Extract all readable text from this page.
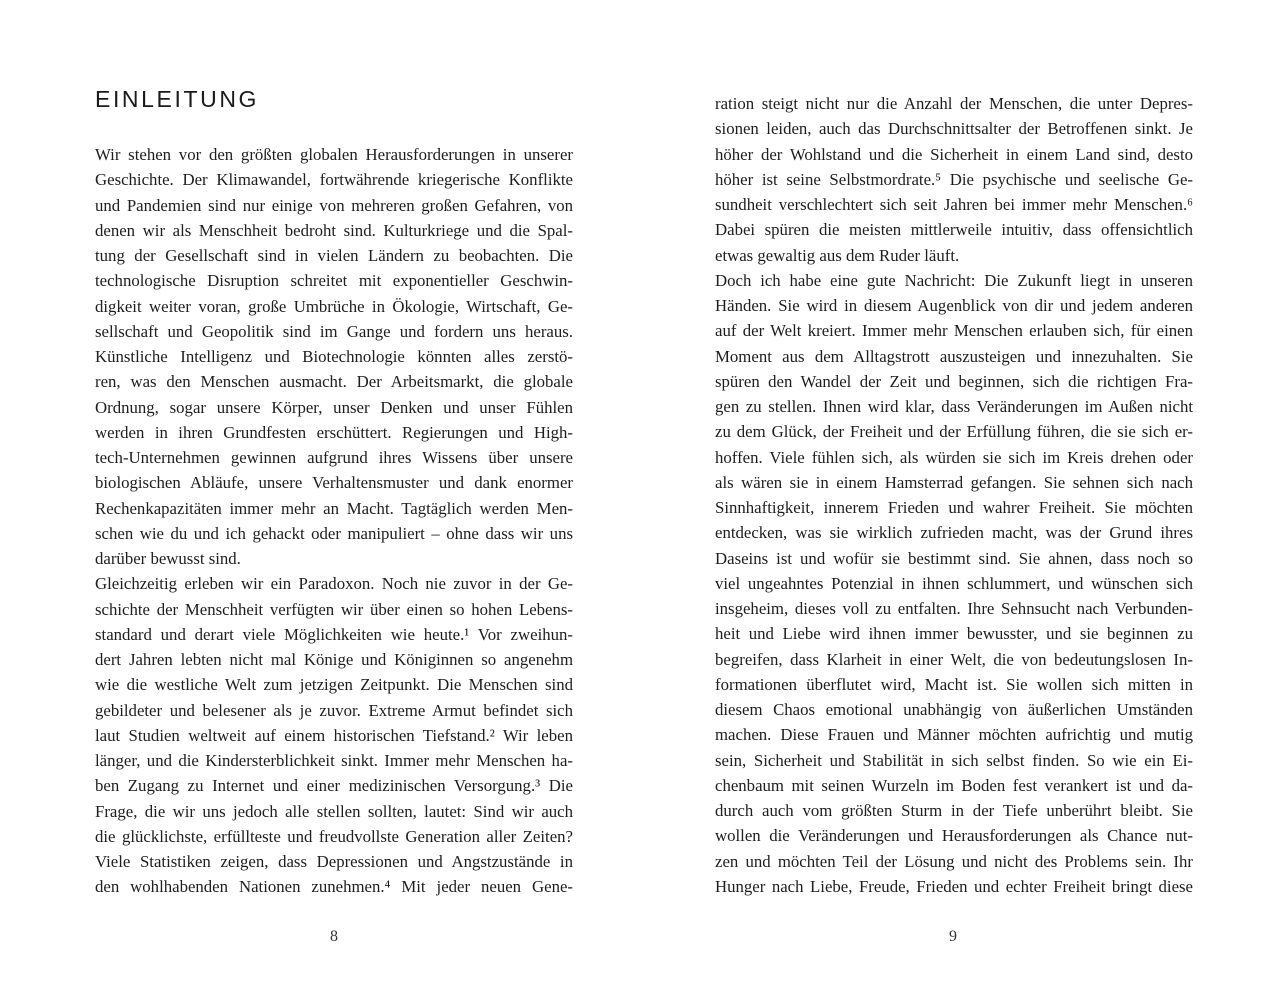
EINLEITUNG
Wir stehen vor den größten globalen Herausforderungen in unserer
Geschichte. Der Klimawandel, fortwährende kriegerische Konflikte
und Pandemien sind nur einige von mehreren großen Gefahren, von
denen wir als Menschheit bedroht sind. Kulturkriege und die Spal-
tung der Gesellschaft sind in vielen Ländern zu beobachten. Die
technologische Disruption schreitet mit exponentieller Geschwin-
digkeit weiter voran, große Umbrüche in Ökologie, Wirtschaft, Ge-
sellschaft und Geopolitik sind im Gange und fordern uns heraus.
Künstliche Intelligenz und Biotechnologie könnten alles zerstö-
ren, was den Menschen ausmacht. Der Arbeitsmarkt, die globale
Ordnung, sogar unsere Körper, unser Denken und unser Fühlen
werden in ihren Grundfesten erschüttert. Regierungen und High-
tech-Unternehmen gewinnen aufgrund ihres Wissens über unsere
biologischen Abläufe, unsere Verhaltensmuster und dank enormer
Rechenkapazitäten immer mehr an Macht. Tagtäglich werden Men-
schen wie du und ich gehackt oder manipuliert – ohne dass wir uns
darüber bewusst sind.
Gleichzeitig erleben wir ein Paradoxon. Noch nie zuvor in der Ge-
schichte der Menschheit verfügten wir über einen so hohen Lebens-
standard und derart viele Möglichkeiten wie heute.¹ Vor zweihun-
dert Jahren lebten nicht mal Könige und Königinnen so angenehm
wie die westliche Welt zum jetzigen Zeitpunkt. Die Menschen sind
gebildeter und belesener als je zuvor. Extreme Armut befindet sich
laut Studien weltweit auf einem historischen Tiefstand.² Wir leben
länger, und die Kindersterblichkeit sinkt. Immer mehr Menschen ha-
ben Zugang zu Internet und einer medizinischen Versorgung.³ Die
Frage, die wir uns jedoch alle stellen sollten, lautet: Sind wir auch
die glücklichste, erfüllteste und freudvollste Generation aller Zeiten?
Viele Statistiken zeigen, dass Depressionen und Angstzustände in
den wohlhabenden Nationen zunehmen.⁴ Mit jeder neuen Gene-
8
ration steigt nicht nur die Anzahl der Menschen, die unter Depres-
sionen leiden, auch das Durchschnittsalter der Betroffenen sinkt. Je
höher der Wohlstand und die Sicherheit in einem Land sind, desto
höher ist seine Selbstmordrate.⁵ Die psychische und seelische Ge-
sundheit verschlechtert sich seit Jahren bei immer mehr Menschen.⁶
Dabei spüren die meisten mittlerweile intuitiv, dass offensichtlich
etwas gewaltig aus dem Ruder läuft.
Doch ich habe eine gute Nachricht: Die Zukunft liegt in unseren
Händen. Sie wird in diesem Augenblick von dir und jedem anderen
auf der Welt kreiert. Immer mehr Menschen erlauben sich, für einen
Moment aus dem Alltagstrott auszusteigen und innezuhalten. Sie
spüren den Wandel der Zeit und beginnen, sich die richtigen Fra-
gen zu stellen. Ihnen wird klar, dass Veränderungen im Außen nicht
zu dem Glück, der Freiheit und der Erfüllung führen, die sie sich er-
hoffen. Viele fühlen sich, als würden sie sich im Kreis drehen oder
als wären sie in einem Hamsterrad gefangen. Sie sehnen sich nach
Sinnhaftigkeit, innerem Frieden und wahrer Freiheit. Sie möchten
entdecken, was sie wirklich zufrieden macht, was der Grund ihres
Daseins ist und wofür sie bestimmt sind. Sie ahnen, dass noch so
viel ungeahntes Potenzial in ihnen schlummert, und wünschen sich
insgeheim, dieses voll zu entfalten. Ihre Sehnsucht nach Verbunden-
heit und Liebe wird ihnen immer bewusster, und sie beginnen zu
begreifen, dass Klarheit in einer Welt, die von bedeutungslosen In-
formationen überflutet wird, Macht ist. Sie wollen sich mitten in
diesem Chaos emotional unabhängig von äußerlichen Umständen
machen. Diese Frauen und Männer möchten aufrichtig und mutig
sein, Sicherheit und Stabilität in sich selbst finden. So wie ein Ei-
chenbaum mit seinen Wurzeln im Boden fest verankert ist und da-
durch auch vom größten Sturm in der Tiefe unberührt bleibt. Sie
wollen die Veränderungen und Herausforderungen als Chance nut-
zen und möchten Teil der Lösung und nicht des Problems sein. Ihr
Hunger nach Liebe, Freude, Frieden und echter Freiheit bringt diese
9
